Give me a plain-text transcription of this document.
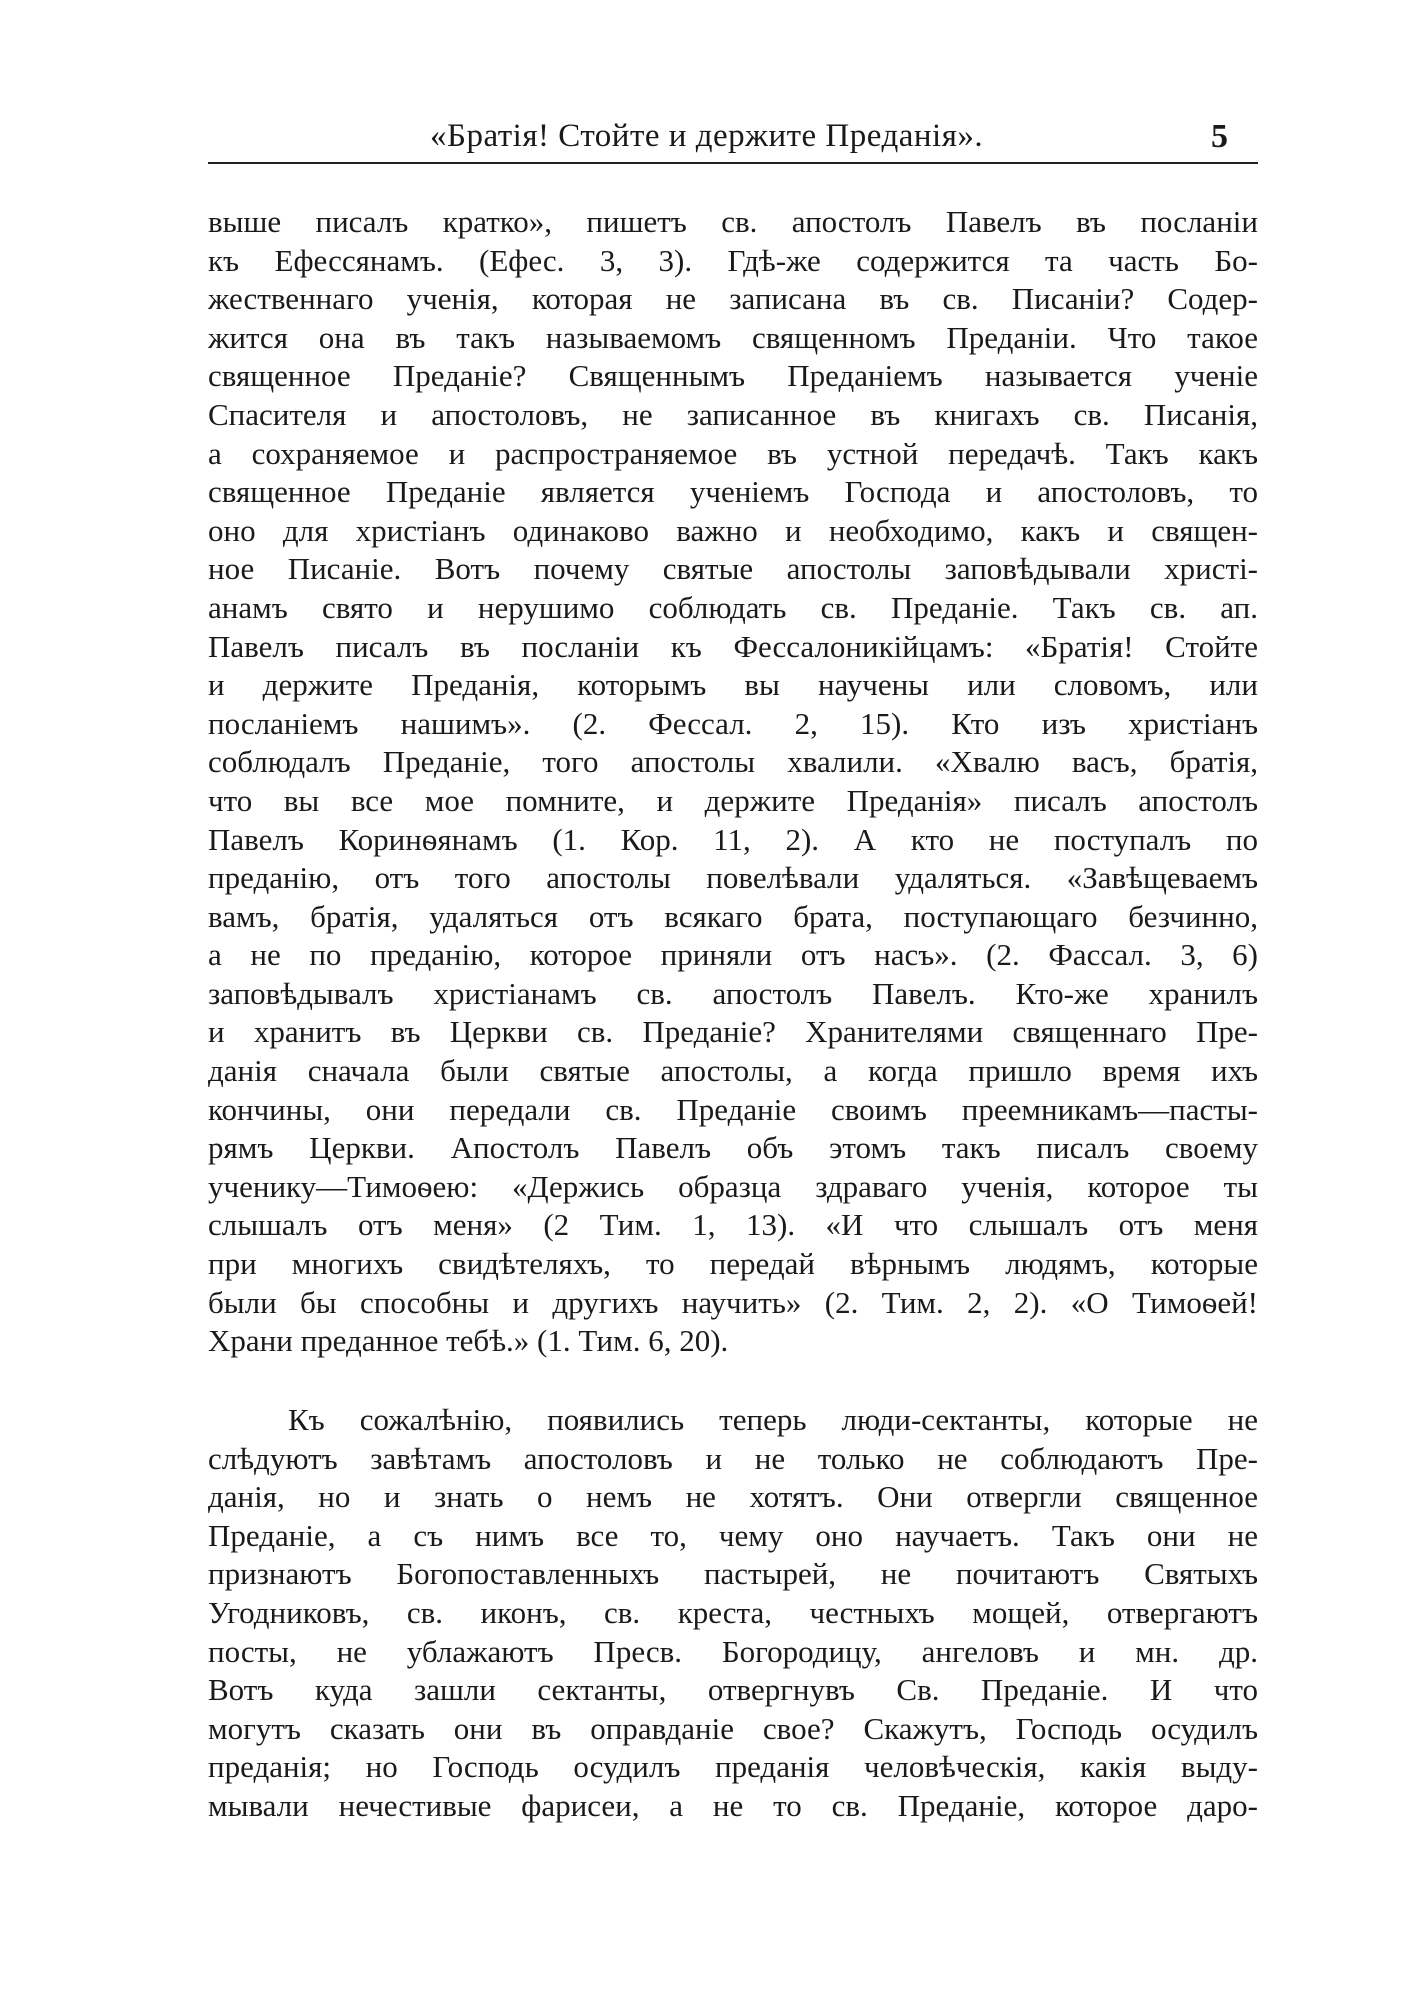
«Братія! Стойте и держите Преданія».	5
выше писалъ кратко», пишетъ св. апостолъ Павелъ въ посланіи
къ Ефессянамъ. (Ефес. 3, 3). Гдѣ-же содержится та часть Бо-
жественнаго ученія, которая не записана въ св. Писаніи? Содер-
жится она въ такъ называемомъ священномъ Преданіи. Что такое
священное Преданіе? Священнымъ Преданіемъ называется ученіе
Спасителя и апостоловъ, не записанное въ книгахъ св. Писанія,
а сохраняемое и распространяемое въ устной передачѣ. Такъ какъ
священное Преданіе является ученіемъ Господа и апостоловъ, то
оно для христіанъ одинаково важно и необходимо, какъ и священ-
ное Писаніе. Вотъ почему святые апостолы заповѣдывали христі-
анамъ свято и нерушимо соблюдать св. Преданіе. Такъ св. ап.
Павелъ писалъ въ посланіи къ Фессалоникійцамъ: «Братія! Стойте
и держите Преданія, которымъ вы научены или словомъ, или
посланіемъ нашимъ». (2. Фессал. 2, 15). Кто изъ христіанъ
соблюдалъ Преданіе, того апостолы хвалили. «Хвалю васъ, братія,
что вы все мое помните, и держите Преданія» писалъ апостолъ
Павелъ Коринѳянамъ (1. Кор. 11, 2). А кто не поступалъ по
преданію, отъ того апостолы повелѣвали удаляться. «Завѣщеваемъ
вамъ, братія, удаляться отъ всякаго брата, поступающаго безчинно,
а не по преданію, которое приняли отъ насъ». (2. Фассал. 3, 6)
заповѣдывалъ христіанамъ св. апостолъ Павелъ. Кто-же хранилъ
и хранитъ въ Церкви св. Преданіе? Хранителями священнаго Пре-
данія сначала были святые апостолы, а когда пришло время ихъ
кончины, они передали св. Преданіе своимъ преемникамъ—пасты-
рямъ Церкви. Апостолъ Павелъ объ этомъ такъ писалъ своему
ученику—Тимоѳею: «Держись образца здраваго ученія, которое ты
слышалъ отъ меня» (2 Тим. 1, 13). «И что слышалъ отъ меня
при многихъ свидѣтеляхъ, то передай вѣрнымъ людямъ, которые
были бы способны и другихъ научить» (2. Тим. 2, 2). «О Тимоѳей!
Храни преданное тебѣ.» (1. Тим. 6, 20).
Къ сожалѣнію, появились теперь люди-сектанты, которые не
слѣдуютъ завѣтамъ апостоловъ и не только не соблюдаютъ Пре-
данія, но и знать о немъ не хотятъ. Они отвергли священное
Преданіе, а съ нимъ все то, чему оно научаетъ. Такъ они не
признаютъ Богопоставленныхъ пастырей, не почитаютъ Святыхъ
Угодниковъ, св. иконъ, св. креста, честныхъ мощей, отвергаютъ
посты, не ублажаютъ Пресв. Богородицу, ангеловъ и мн. др.
Вотъ куда зашли сектанты, отвергнувъ Св. Преданіе. И что
могутъ сказать они въ оправданіе свое? Скажутъ, Господь осудилъ
преданія; но Господь осудилъ преданія человѣческія, какія выду-
мывали нечестивые фарисеи, а не то св. Преданіе, которое даро-
